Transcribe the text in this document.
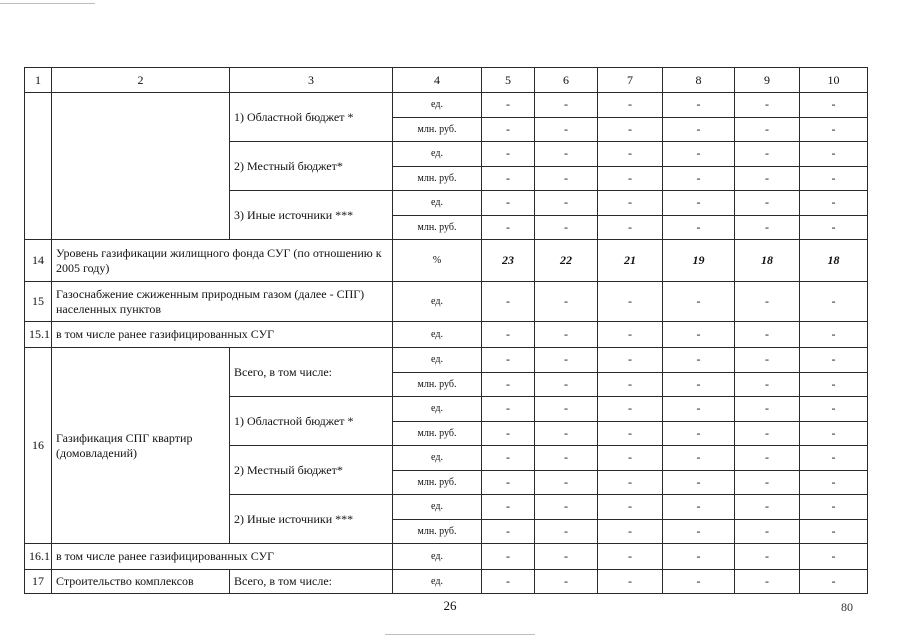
1	2	3	4	5	6	7	8	9	10
		1) Областной бюджет *	ед.	-	-	-	-	-	-
			млн. руб.	-	-	-	-	-	-
		2) Местный бюджет*	ед.	-	-	-	-	-	-
			млн. руб.	-	-	-	-	-	-
		3) Иные источники ***	ед.	-	-	-	-	-	-
			млн. руб.	-	-	-	-	-	-
14	Уровень газификации жилищного фонда СУГ (по отношению к 2005 году)		%	23	22	21	19	18	18
15	Газоснабжение сжиженным природным газом (далее - СПГ) населенных пунктов		ед.	-	-	-	-	-	-
15.1	в том числе ранее газифицированных СУГ		ед.	-	-	-	-	-	-
16	Газификация СПГ квартир (домовладений)	Всего, в том числе:	ед.	-	-	-	-	-	-
			млн. руб.	-	-	-	-	-	-
		1) Областной бюджет *	ед.	-	-	-	-	-	-
			млн. руб.	-	-	-	-	-	-
		2) Местный бюджет*	ед.	-	-	-	-	-	-
			млн. руб.	-	-	-	-	-	-
		2) Иные источники ***	ед.	-	-	-	-	-	-
			млн. руб.	-	-	-	-	-	-
16.1	в том числе ранее газифицированных СУГ		ед.	-	-	-	-	-	-
17	Строительство комплексов	Всего, в том числе:	ед.	-	-	-	-	-	-
26	80
